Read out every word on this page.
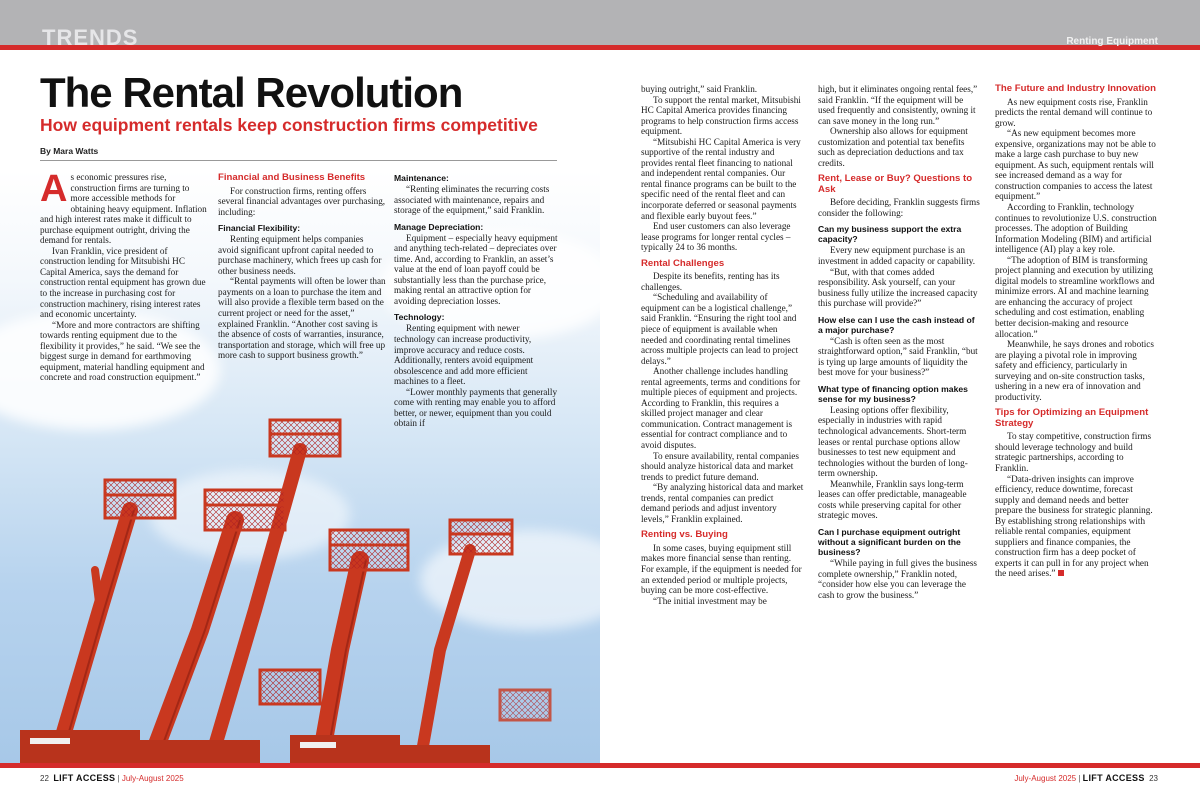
TRENDS	Renting Equipment
The Rental Revolution
How equipment rentals keep construction firms competitive
By Mara Watts

As economic pressures rise, construction firms are turning to more accessible methods for obtaining heavy equipment. Inflation and high interest rates make it difficult to purchase equipment outright, driving the demand for rentals.

Ivan Franklin, vice president of construction lending for Mitsubishi HC Capital America, says the demand for construction rental equipment has grown due to the increase in purchasing cost for construction machinery, rising interest rates and economic uncertainty.

“More and more contractors are shifting towards renting equipment due to the flexibility it provides,” he said. “We see the biggest surge in demand for earthmoving equipment, material handling equipment and concrete and road construction equipment.”

Financial and Business Benefits

For construction firms, renting offers several financial advantages over purchasing, including:

Financial Flexibility:

Renting equipment helps companies avoid significant upfront capital needed to purchase machinery, which frees up cash for other business needs.

“Rental payments will often be lower than payments on a loan to purchase the item and will also provide a flexible term based on the current project or need for the asset,” explained Franklin. “Another cost saving is the absence of costs of warranties, insurance, transportation and storage, which will free up more cash to support business growth.”

Maintenance:

“Renting eliminates the recurring costs associated with maintenance, repairs and storage of the equipment,” said Franklin.

Manage Depreciation:

Equipment – especially heavy equipment and anything tech-related – depreciates over time. And, according to Franklin, an asset’s value at the end of loan payoff could be substantially less than the purchase price, making rental an attractive option for avoiding depreciation losses.

Technology:

Renting equipment with newer technology can increase productivity, improve accuracy and reduce costs. Additionally, renters avoid equipment obsolescence and add more efficient machines to a fleet.

“Lower monthly payments that generally come with renting may enable you to afford better, or newer, equipment than you could obtain if

buying outright,” said Franklin.

To support the rental market, Mitsubishi HC Capital America provides financing programs to help construction firms access equipment.

“Mitsubishi HC Capital America is very supportive of the rental industry and provides rental fleet financing to national and independent rental companies. Our rental finance programs can be built to the specific need of the rental fleet and can incorporate deferred or seasonal payments and flexible early buyout fees.”

End user customers can also leverage lease programs for longer rental cycles – typically 24 to 36 months.

Rental Challenges

Despite its benefits, renting has its challenges.

“Scheduling and availability of equipment can be a logistical challenge,” said Franklin. “Ensuring the right tool and piece of equipment is available when needed and coordinating rental timelines across multiple projects can lead to project delays.”

Another challenge includes handling rental agreements, terms and conditions for multiple pieces of equipment and projects. According to Franklin, this requires a skilled project manager and clear communication. Contract management is essential for contract compliance and to avoid disputes.

To ensure availability, rental companies should analyze historical data and market trends to predict future demand.

“By analyzing historical data and market trends, rental companies can predict demand periods and adjust inventory levels,” Franklin explained.

Renting vs. Buying

In some cases, buying equipment still makes more financial sense than renting. For example, if the equipment is needed for an extended period or multiple projects, buying can be more cost-effective.

“The initial investment may be

high, but it eliminates ongoing rental fees,” said Franklin. “If the equipment will be used frequently and consistently, owning it can save money in the long run.”

Ownership also allows for equipment customization and potential tax benefits such as depreciation deductions and tax credits.

Rent, Lease or Buy? Questions to Ask

Before deciding, Franklin suggests firms consider the following:

Can my business support the extra capacity?

Every new equipment purchase is an investment in added capacity or capability.

“But, with that comes added responsibility. Ask yourself, can your business fully utilize the increased capacity this purchase will provide?”

How else can I use the cash instead of a major purchase?

“Cash is often seen as the most straightforward option,” said Franklin, “but is tying up large amounts of liquidity the best move for your business?”

What type of financing option makes sense for my business?

Leasing options offer flexibility, especially in industries with rapid technological advancements. Short-term leases or rental purchase options allow businesses to test new equipment and technologies without the burden of long-term ownership.

Meanwhile, Franklin says long-term leases can offer predictable, manageable costs while preserving capital for other strategic moves.

Can I purchase equipment outright without a significant burden on the business?

“While paying in full gives the business complete ownership,” Franklin noted, “consider how else you can leverage the cash to grow the business.”

The Future and Industry Innovation

As new equipment costs rise, Franklin predicts the rental demand will continue to grow.

“As new equipment becomes more expensive, organizations may not be able to make a large cash purchase to buy new equipment. As such, equipment rentals will see increased demand as a way for construction companies to access the latest equipment.”

According to Franklin, technology continues to revolutionize U.S. construction processes. The adoption of Building Information Modeling (BIM) and artificial intelligence (AI) play a key role.

“The adoption of BIM is transforming project planning and execution by utilizing digital models to streamline workflows and minimize errors. AI and machine learning are enhancing the accuracy of project scheduling and cost estimation, enabling better decision-making and resource allocation.”

Meanwhile, he says drones and robotics are playing a pivotal role in improving safety and efficiency, particularly in surveying and on-site construction tasks, ushering in a new era of innovation and productivity.

Tips for Optimizing an Equipment Strategy

To stay competitive, construction firms should leverage technology and build strategic partnerships, according to Franklin.

“Data-driven insights can improve efficiency, reduce downtime, forecast supply and demand needs and better prepare the business for strategic planning. By establishing strong relationships with reliable rental companies, equipment suppliers and finance companies, the construction firm has a deep pocket of experts it can pull in for any project when the need arises.”

22 LIFT ACCESS | July-August 2025	July-August 2025 | LIFT ACCESS 23
